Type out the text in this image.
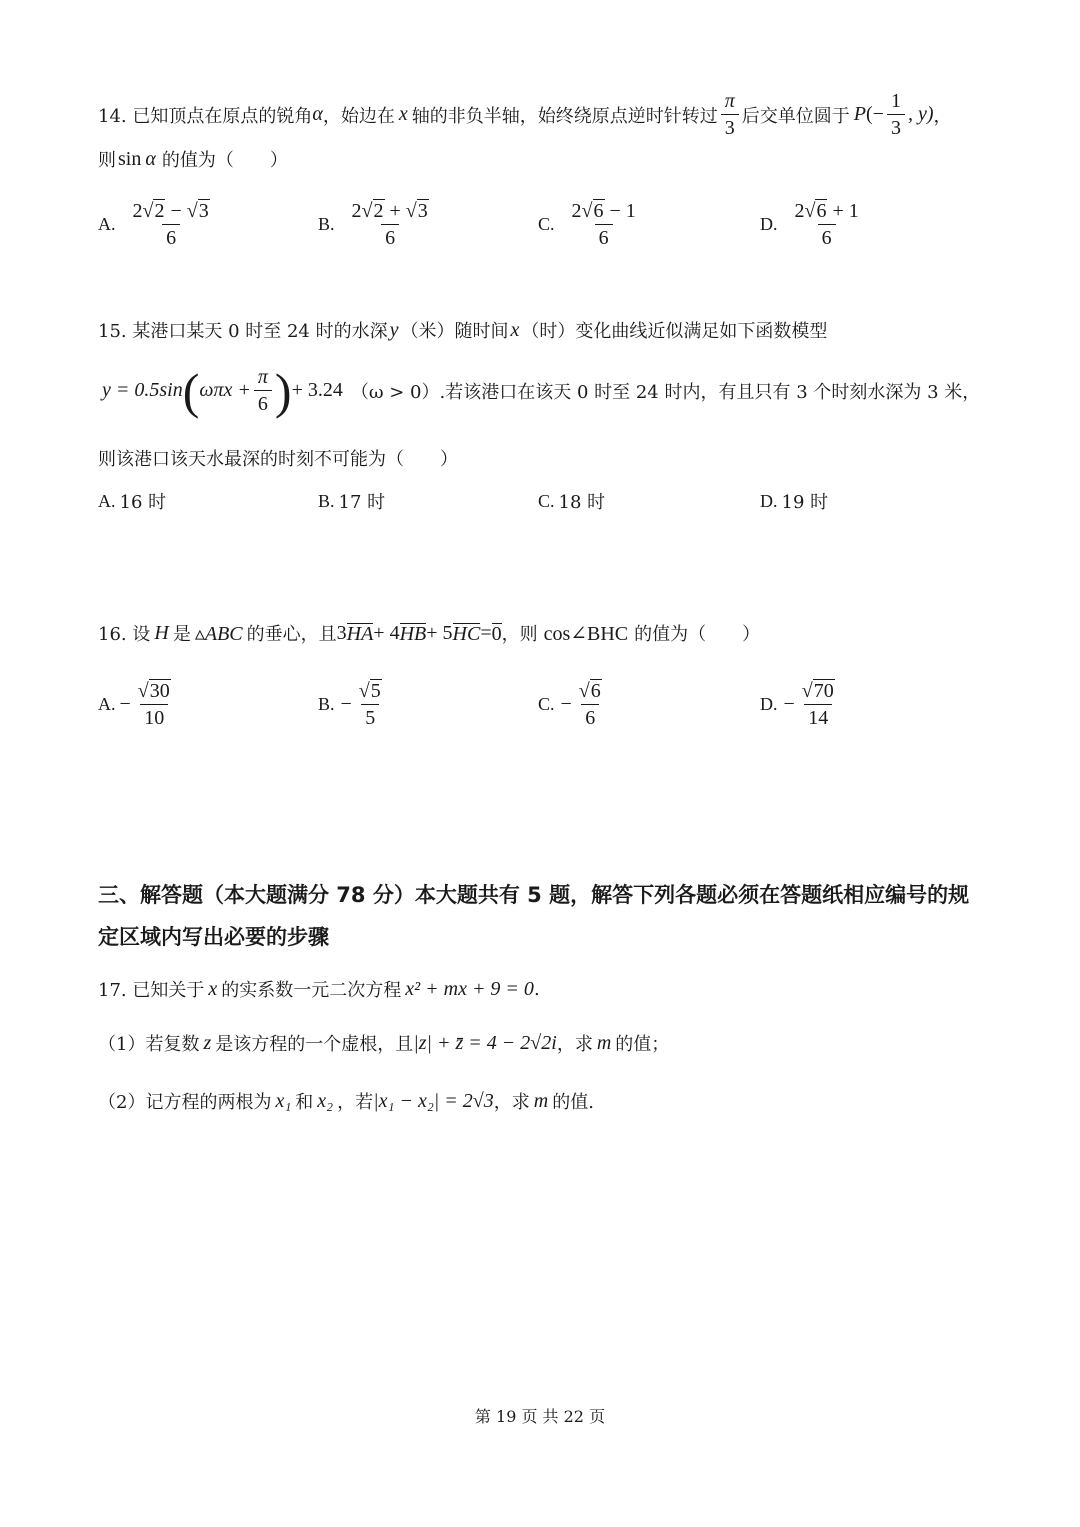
14. 已知顶点在原点的锐角 α ，始边在 x 轴的非负半轴，始终绕原点逆时针转过 $\frac{\pi}{3}$ 后交单位圆于 P (− $\frac{1}{3}$ , y) ，
则 sin α 的值为（　　）
A. $\frac{2√2 - √3}{6}$	B. $\frac{2√2 + √3}{6}$	C. $\frac{2√6 - 1}{6}$	D. $\frac{2√6 + 1}{6}$
15. 某港口某天 0 时至 24 时的水深 y （米）随时间 x （时）变化曲线近似满足如下函数模型
y = 0.5sin ( $\omega\pi x + \frac{\pi}{6}$ ) + 3.24 （ω > 0） .若该港口在该天 0 时至 24 时内，有且只有 3 个时刻水深为 3 米，
则该港口该天水最深的时刻不可能为（　　）
A. 16 时	B. 17 时	C. 18 时	D. 19 时
16. 设 H 是 ▵ABC 的垂心，且 3 HA + 4 HB + 5 HC = 0 ，则 cos∠BHC 的值为（　　）
A. − $\frac{√30}{10}$	B. − $\frac{√5}{5}$	C. − $\frac{√6}{6}$	D. − $\frac{√70}{14}$
三、解答题（本大题满分 78 分）本大题共有 5 题，解答下列各题必须在答题纸相应编号的规定区域内写出必要的步骤
17. 已知关于 x 的实系数一元二次方程 x² + mx + 9 = 0 .
（1）若复数 z 是该方程的一个虚根，且 |z| + z̄ = 4 − 2√2i ，求 m 的值；
（2）记方程的两根为 x₁ 和 x₂ ，若 |x₁ − x₂| = 2√3 ，求 m 的值.
第 19 页 共 22 页
